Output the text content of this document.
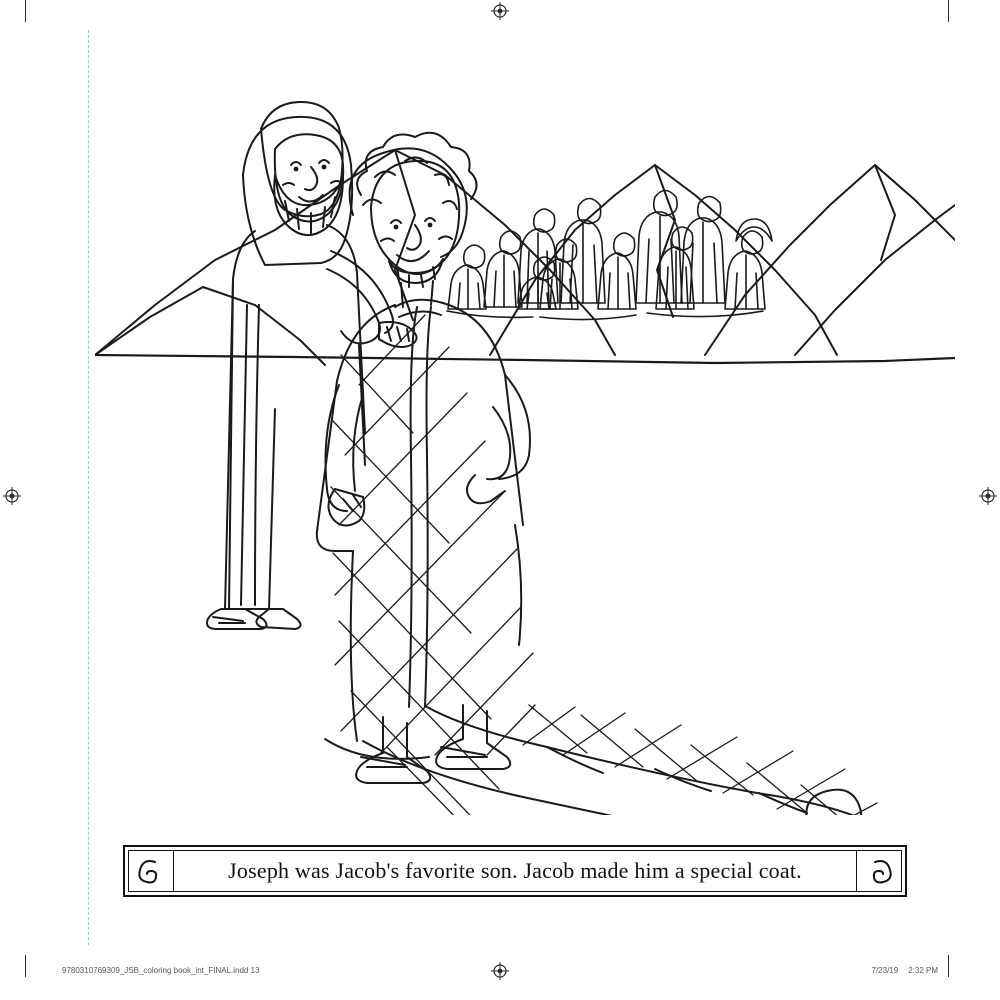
Joseph was Jacob's favorite son. Jacob made him a special coat.
9780310769309_JSB_coloring book_int_FINAL.indd 13	7/23/19 2:32 PM
